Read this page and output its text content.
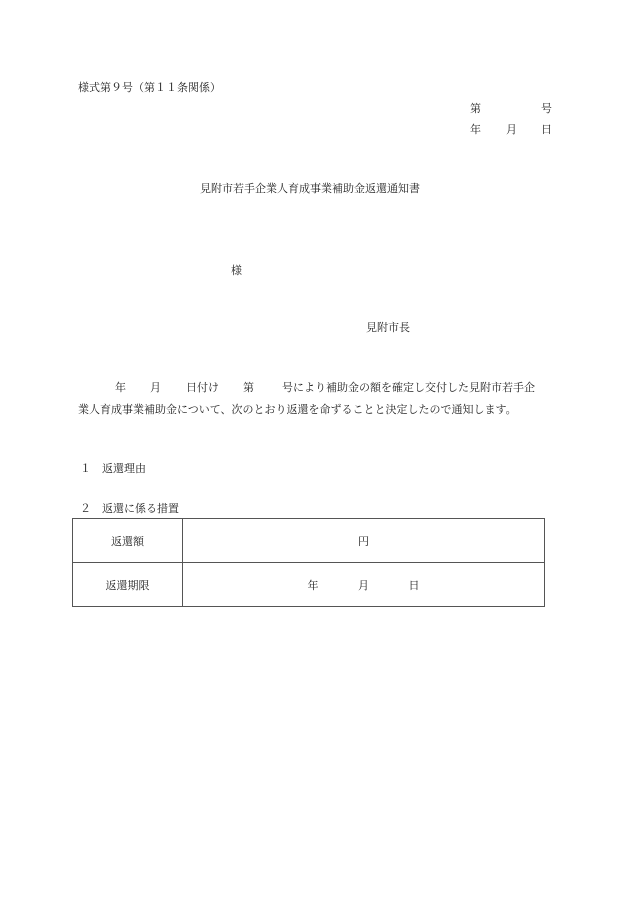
様式第９号（第１１条関係）
第	号
年 月 日
見附市若手企業人育成事業補助金返還通知書
様
見附市長
年 月 日付け 第	号により補助金の額を確定し交付した見附市若手企
業人育成事業補助金について、次のとおり返還を命ずることと決定したので通知します。
１ 返還理由
２ 返還に係る措置
返還額	円
返還期限	年 月 日
